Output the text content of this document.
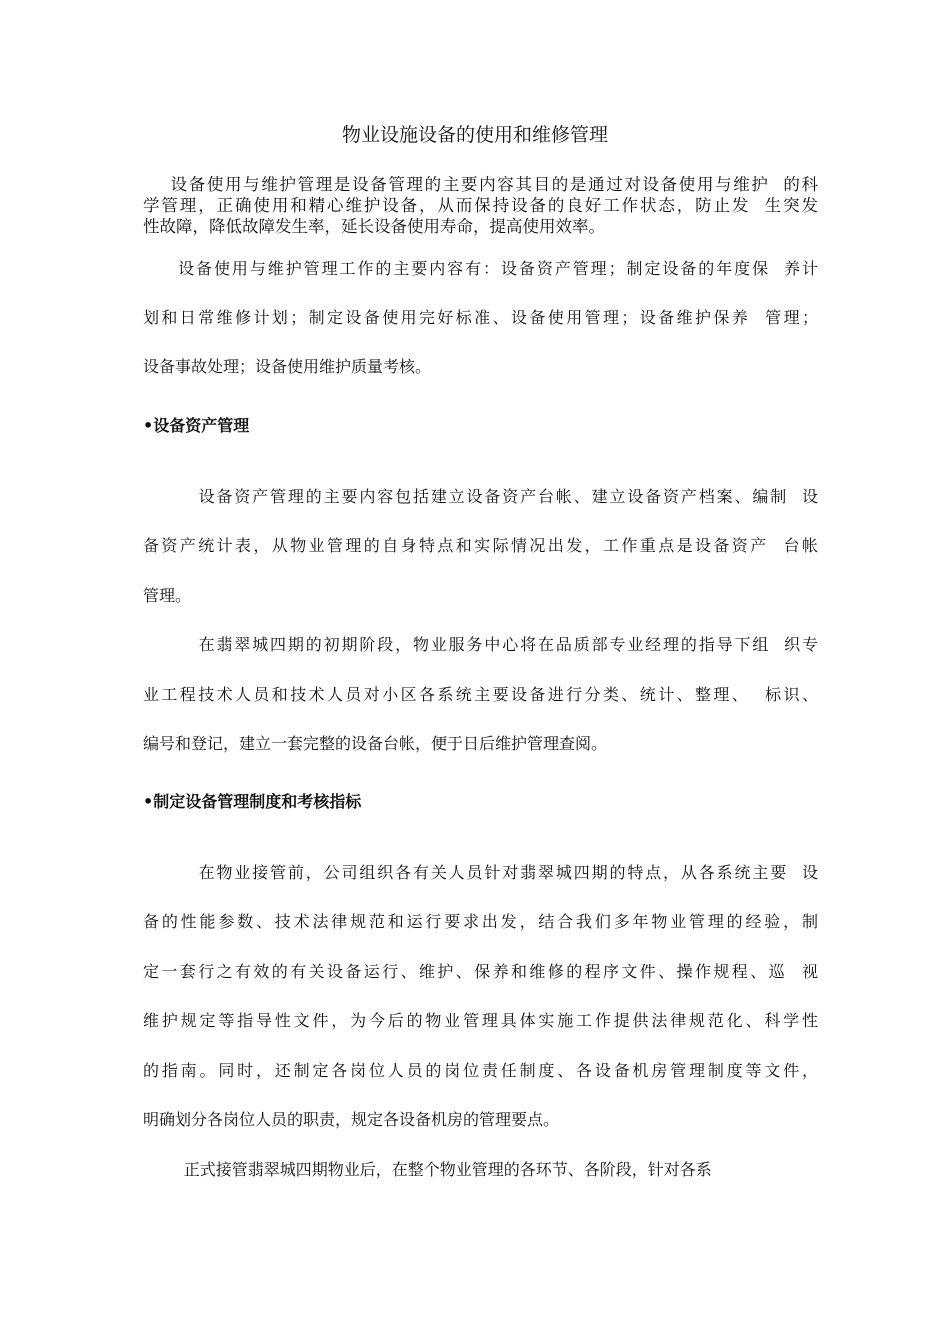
物业设施设备的使用和维修管理
设备使用与维护管理是设备管理的主要内容其目的是通过对设备使用与维护  的科
学管理，正确使用和精心维护设备，从而保持设备的良好工作状态，防止发  生突发
性故障，降低故障发生率，延长设备使用寿命，提高使用效率。
设备使用与维护管理工作的主要内容有：设备资产管理；制定设备的年度保  养计
划和日常维修计划；制定设备使用完好标准、设备使用管理；设备维护保养  管理；
设备事故处理；设备使用维护质量考核。
•设备资产管理
设备资产管理的主要内容包括建立设备资产台帐、建立设备资产档案、编制  设
备资产统计表，从物业管理的自身特点和实际情况出发，工作重点是设备资产  台帐
管理。
在翡翠城四期的初期阶段，物业服务中心将在品质部专业经理的指导下组  织专
业工程技术人员和技术人员对小区各系统主要设备进行分类、统计、整理、  标识、
编号和登记，建立一套完整的设备台帐，便于日后维护管理查阅。
•制定设备管理制度和考核指标
在物业接管前，公司组织各有关人员针对翡翠城四期的特点，从各系统主要  设
备的性能参数、技术法律规范和运行要求出发，结合我们多年物业管理的经验，制
定一套行之有效的有关设备运行、维护、保养和维修的程序文件、操作规程、巡  视
维护规定等指导性文件，为今后的物业管理具体实施工作提供法律规范化、科学性
的指南。同时，还制定各岗位人员的岗位责任制度、各设备机房管理制度等文件，
明确划分各岗位人员的职责，规定各设备机房的管理要点。
正式接管翡翠城四期物业后，在整个物业管理的各环节、各阶段，针对各系
